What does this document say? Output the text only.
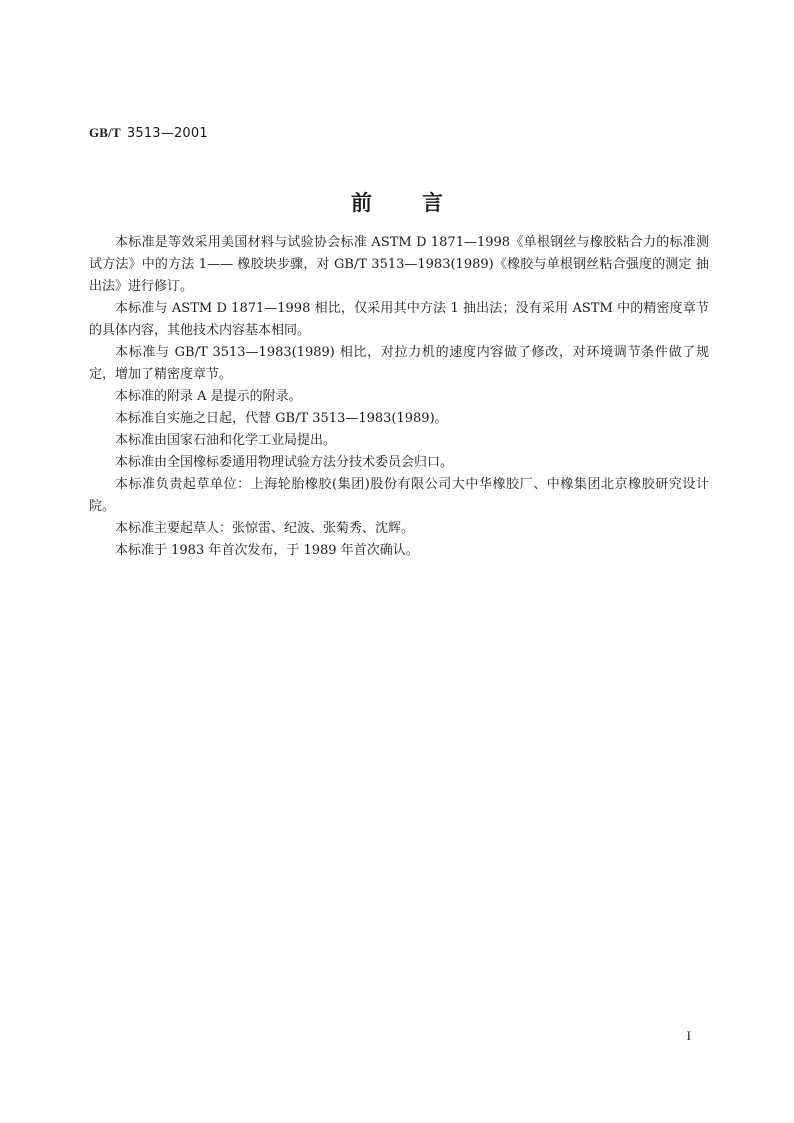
GB/T 3513—2001
前言

本标准是等效采用美国材料与试验协会标准 ASTM D 1871—1998《单根钢丝与橡胶粘合力的标准测试方法》中的方法 1—— 橡胶块步骤，对 GB/T 3513—1983(1989)《橡胶与单根钢丝粘合强度的测定 抽出法》进行修订。

本标准与 ASTM D 1871—1998 相比，仅采用其中方法 1 抽出法；没有采用 ASTM 中的精密度章节的具体内容，其他技术内容基本相同。

本标准与 GB/T 3513—1983(1989) 相比，对拉力机的速度内容做了修改，对环境调节条件做了规定，增加了精密度章节。

本标准的附录 A 是提示的附录。

本标准自实施之日起，代替 GB/T 3513—1983(1989)。

本标准由国家石油和化学工业局提出。

本标准由全国橡标委通用物理试验方法分技术委员会归口。

本标准负责起草单位：上海轮胎橡胶(集团)股份有限公司大中华橡胶厂、中橡集团北京橡胶研究设计院。

本标准主要起草人：张惊雷、纪波、张菊秀、沈辉。

本标准于 1983 年首次发布，于 1989 年首次确认。

I
